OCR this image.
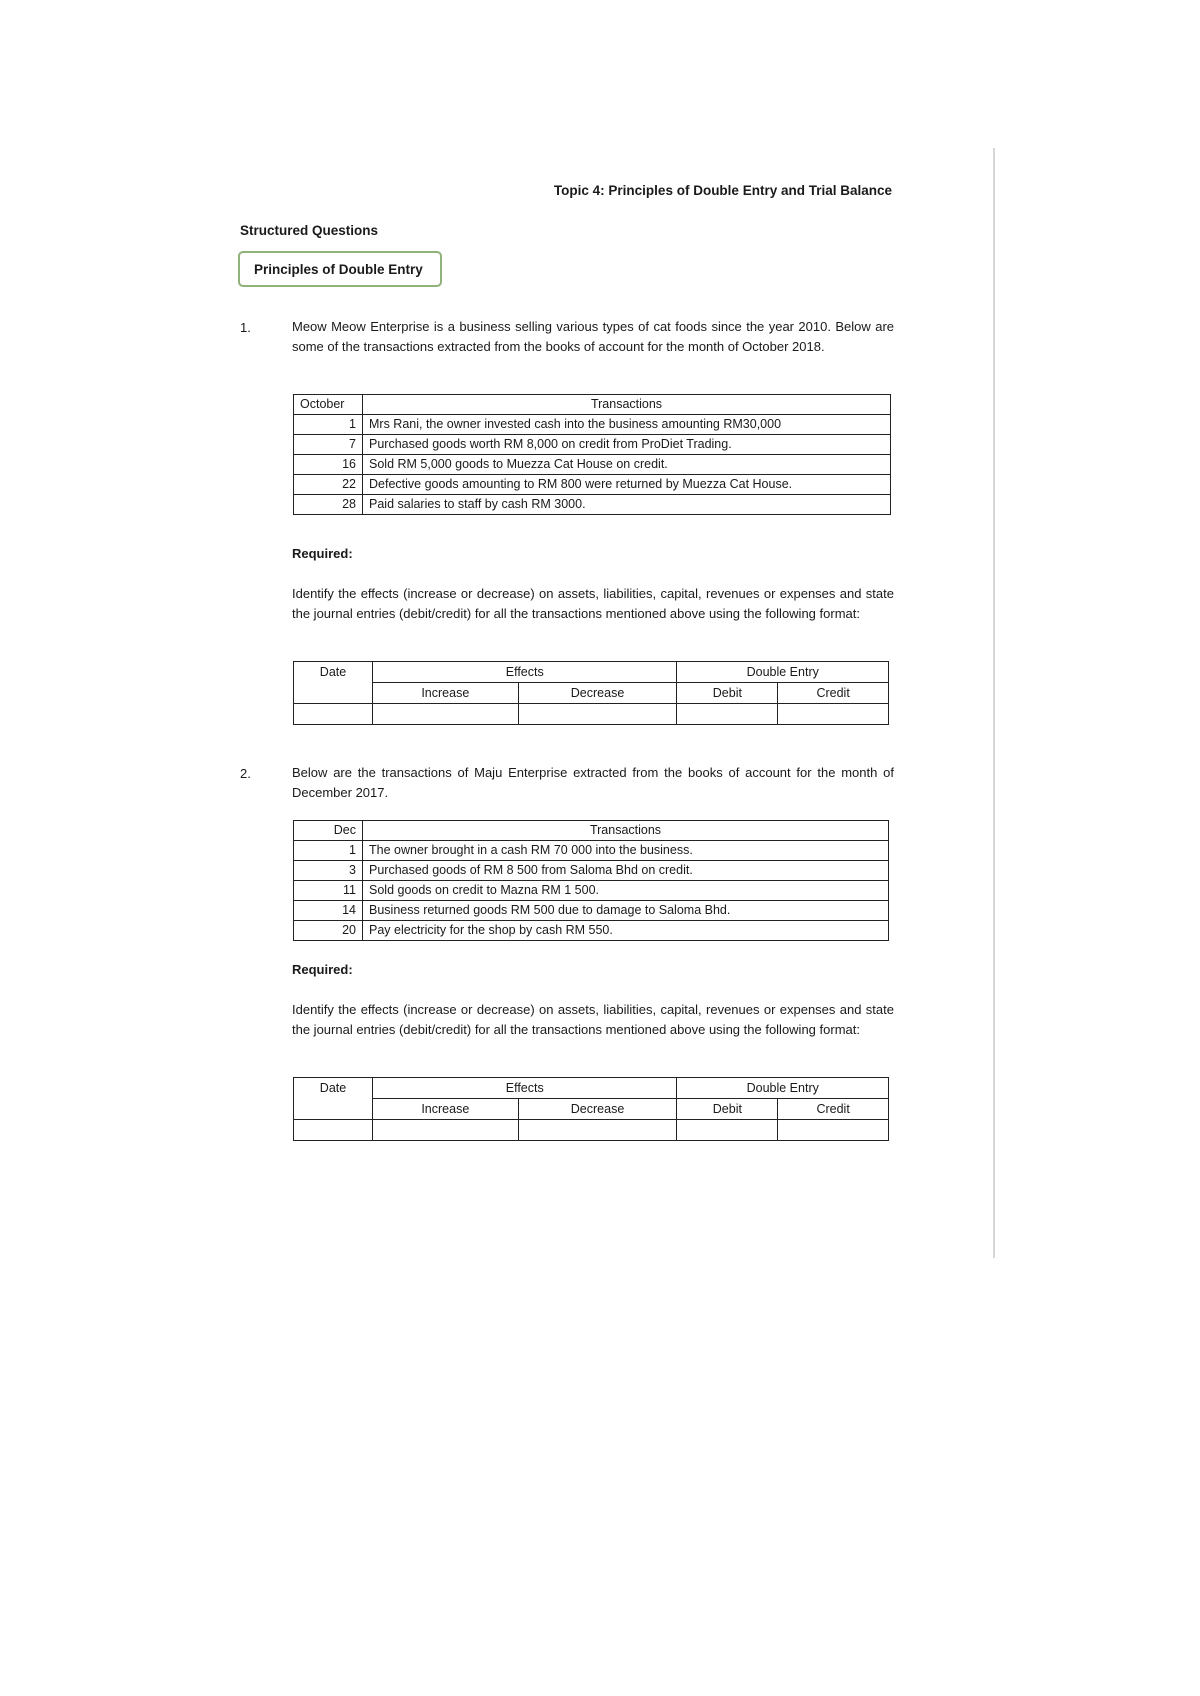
Topic 4: Principles of Double Entry and Trial Balance
Structured Questions
Principles of Double Entry
1.	Meow Meow Enterprise is a business selling various types of cat foods since the year 2010. Below are some of the transactions extracted from the books of account for the month of October 2018.
October	Transactions
1	Mrs Rani, the owner invested cash into the business amounting RM30,000
7	Purchased goods worth RM 8,000 on credit from ProDiet Trading.
16	Sold RM 5,000 goods to Muezza Cat House on credit.
22	Defective goods amounting to RM 800 were returned by Muezza Cat House.
28	Paid salaries to staff by cash RM 3000.
Required:
Identify the effects (increase or decrease) on assets, liabilities, capital, revenues or expenses and state the journal entries (debit/credit) for all the transactions mentioned above using the following format:
Date	Effects		Double Entry	
	Increase	Decrease	Debit	Credit

2.	Below are the transactions of Maju Enterprise extracted from the books of account for the month of December 2017.
Dec	Transactions
1	The owner brought in a cash RM 70 000 into the business.
3	Purchased goods of RM 8 500 from Saloma Bhd on credit.
11	Sold goods on credit to Mazna RM 1 500.
14	Business returned goods RM 500 due to damage to Saloma Bhd.
20	Pay electricity for the shop by cash RM 550.
Required:
Identify the effects (increase or decrease) on assets, liabilities, capital, revenues or expenses and state the journal entries (debit/credit) for all the transactions mentioned above using the following format:
Date	Effects		Double Entry	
	Increase	Decrease	Debit	Credit
